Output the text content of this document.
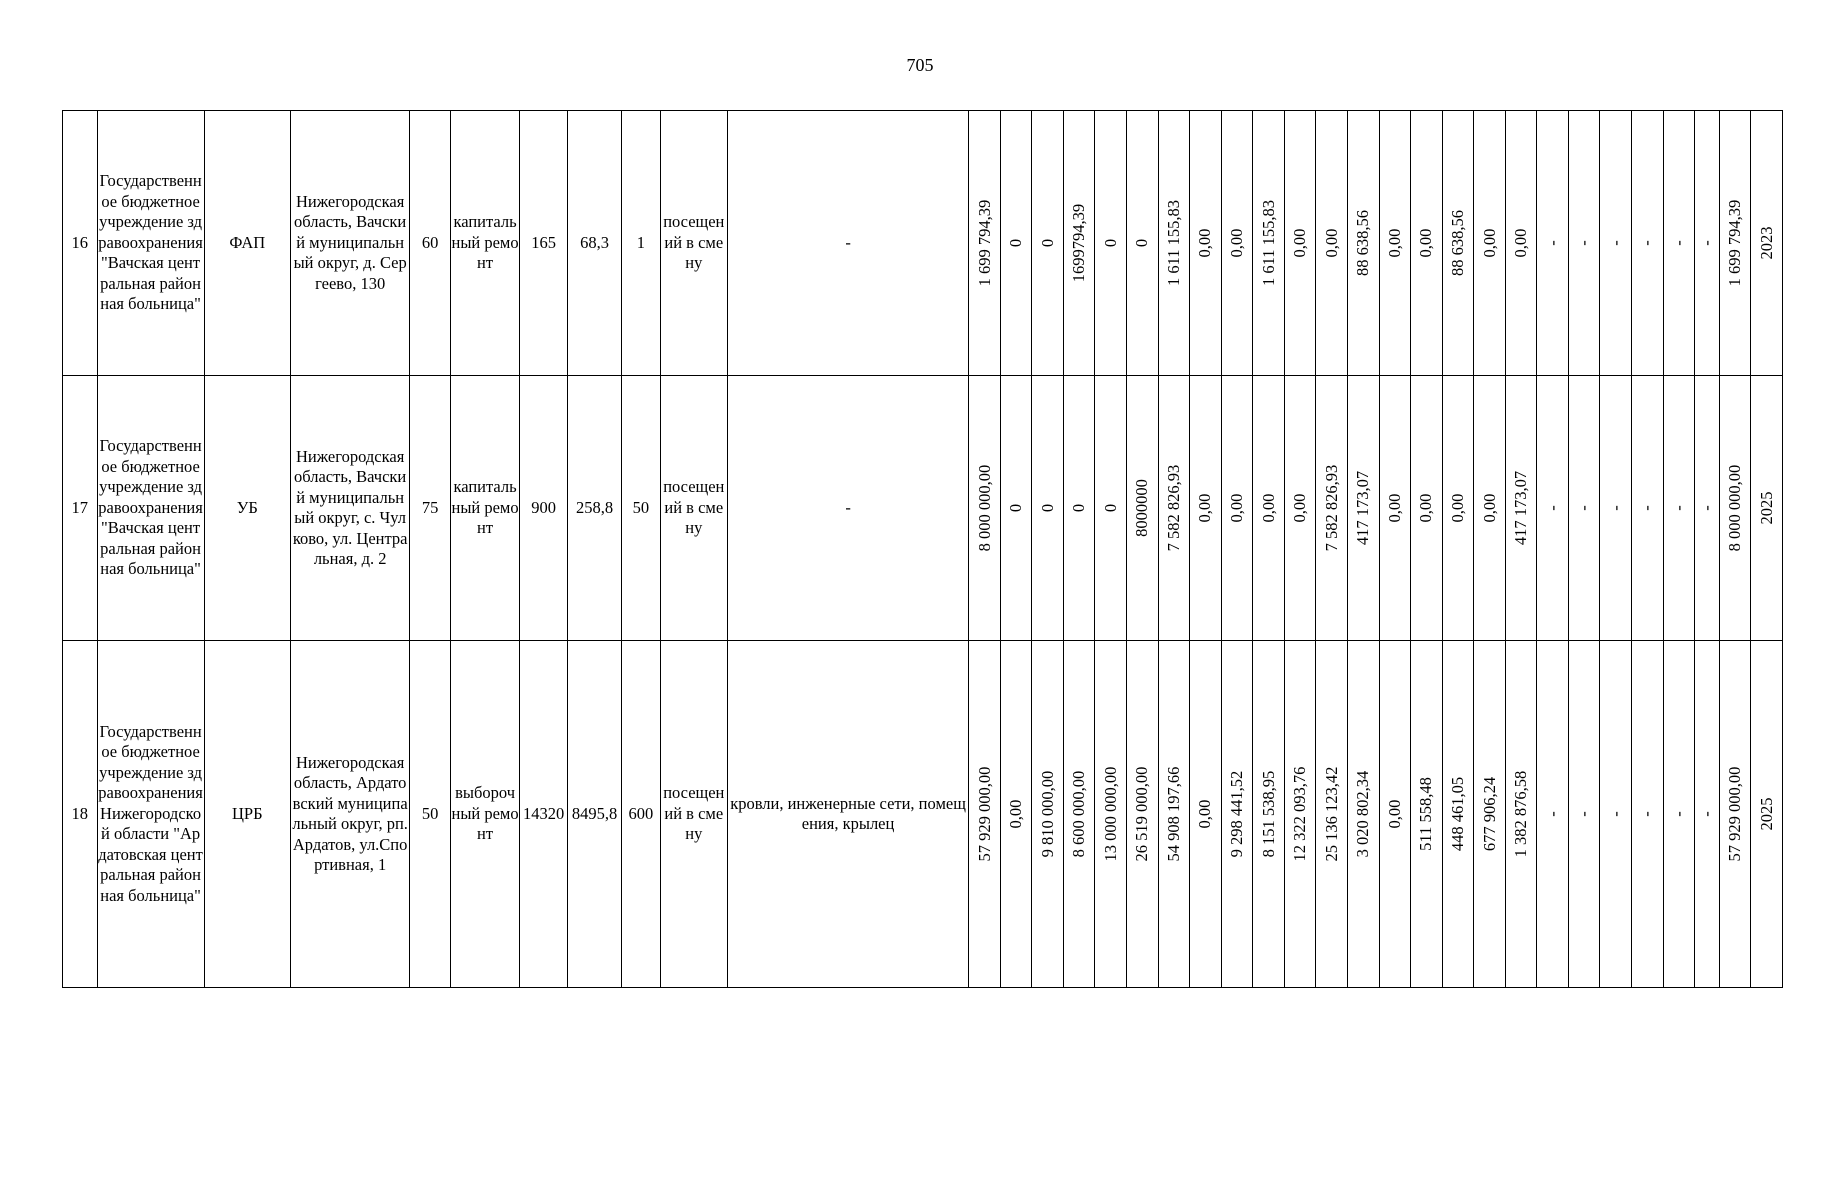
705
16	Государственное бюджетное учреждение здравоохранения "Вачская центральная районная больница"	ФАП	Нижегородская область, Вачский муниципальный округ, д. Сергеево, 130	60	капитальный ремонт	165	68,3	1	посещений в смену	-	1 699 794,39	0	0	1699794,39	0	0	1 611 155,83	0,00	0,00	1 611 155,83	0,00	0,00	88 638,56	0,00	0,00	88 638,56	0,00	0,00	-	-	-	-	-	-	1 699 794,39	2023

17	Государственное бюджетное учреждение здравоохранения "Вачская центральная районная больница"	УБ	Нижегородская область, Вачский муниципальный округ, с. Чулково, ул. Центральная, д. 2	75	капитальный ремонт	900	258,8	50	посещений в смену	-	8 000 000,00	0	0	0	0	8000000	7 582 826,93	0,00	0,00	0,00	0,00	7 582 826,93	417 173,07	0,00	0,00	0,00	0,00	417 173,07	-	-	-	-	-	-	8 000 000,00	2025

18	Государственное бюджетное учреждение здравоохранения Нижегородской области "Ардатовская центральная районная больница"	ЦРБ	Нижегородская область, Ардатовский муниципальный округ, рп. Ардатов, ул.Спортивная, 1	50	выборочный ремонт	14320	8495,8	600	посещений в смену	кровли, инженерные сети, помещения, крылец	57 929 000,00	0,00	9 810 000,00	8 600 000,00	13 000 000,00	26 519 000,00	54 908 197,66	0,00	9 298 441,52	8 151 538,95	12 322 093,76	25 136 123,42	3 020 802,34	0,00	511 558,48	448 461,05	677 906,24	1 382 876,58	-	-	-	-	-	-	57 929 000,00	2025
